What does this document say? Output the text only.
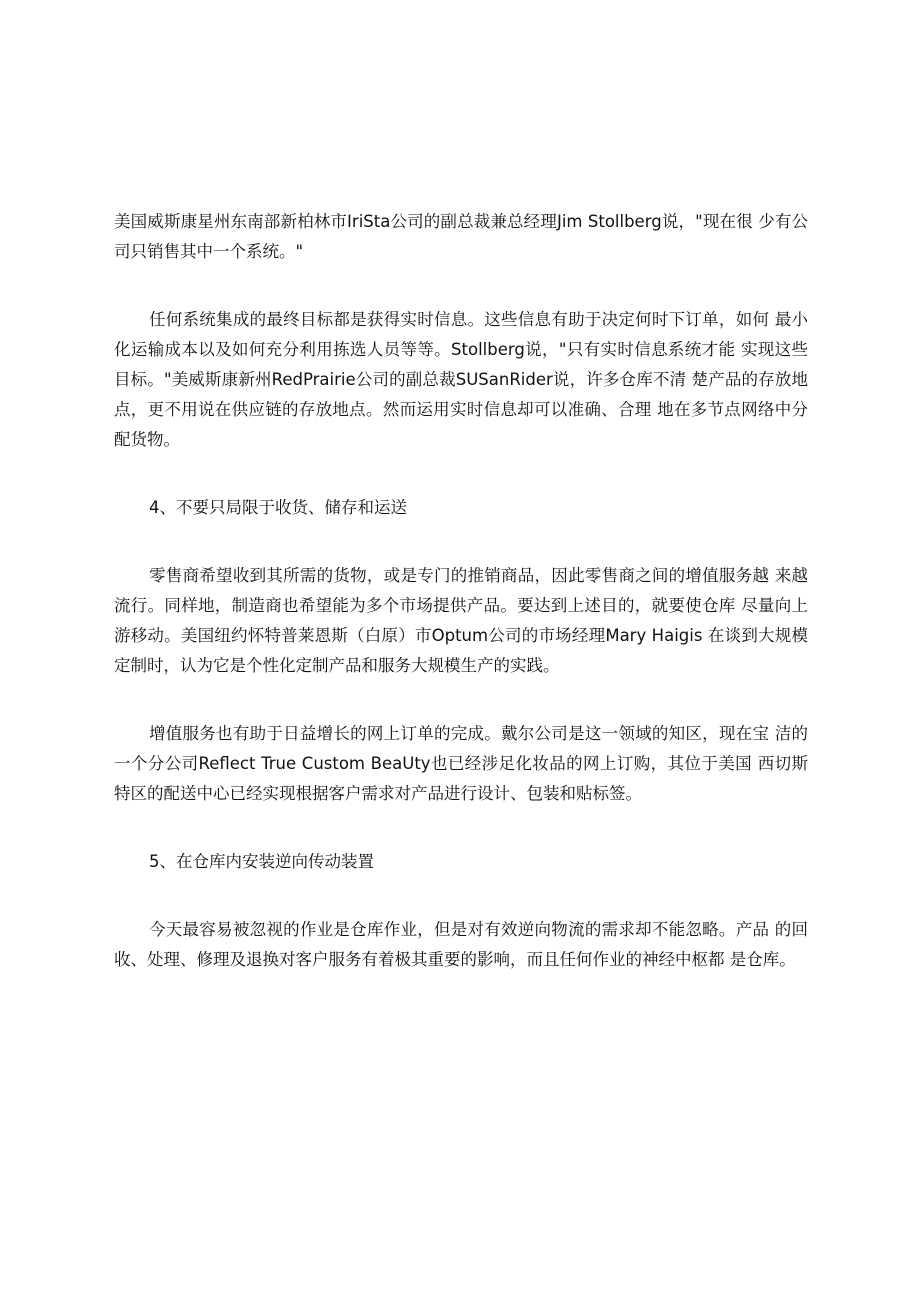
美国威斯康星州东南部新柏林市IriSta公司的副总裁兼总经理Jim Stollberg说，"现在很 少有公司只销售其中一个系统。"

任何系统集成的最终目标都是获得实时信息。这些信息有助于决定何时下订单，如何 最小化运输成本以及如何充分利用拣选人员等等。Stollberg说，"只有实时信息系统才能 实现这些目标。"美威斯康新州RedPrairie公司的副总裁SUSanRider说，许多仓库不清 楚产品的存放地点，更不用说在供应链的存放地点。然而运用实时信息却可以准确、合理 地在多节点网络中分配货物。

4、不要只局限于收货、储存和运送

零售商希望收到其所需的货物，或是专门的推销商品，因此零售商之间的增值服务越 来越流行。同样地，制造商也希望能为多个市场提供产品。要达到上述目的，就要使仓库 尽量向上游移动。美国纽约怀特普莱恩斯（白原）市Optum公司的市场经理Mary Haigis 在谈到大规模定制时，认为它是个性化定制产品和服务大规模生产的实践。

增值服务也有助于日益增长的网上订单的完成。戴尔公司是这一领域的知区，现在宝 洁的一个分公司Reflect True Custom BeaUty也已经涉足化妆品的网上订购，其位于美国 西切斯特区的配送中心已经实现根据客户需求对产品进行设计、包装和贴标签。

5、在仓库内安装逆向传动装置

今天最容易被忽视的作业是仓库作业，但是对有效逆向物流的需求却不能忽略。产品 的回收、处理、修理及退换对客户服务有着极其重要的影响，而且任何作业的神经中枢都 是仓库。
